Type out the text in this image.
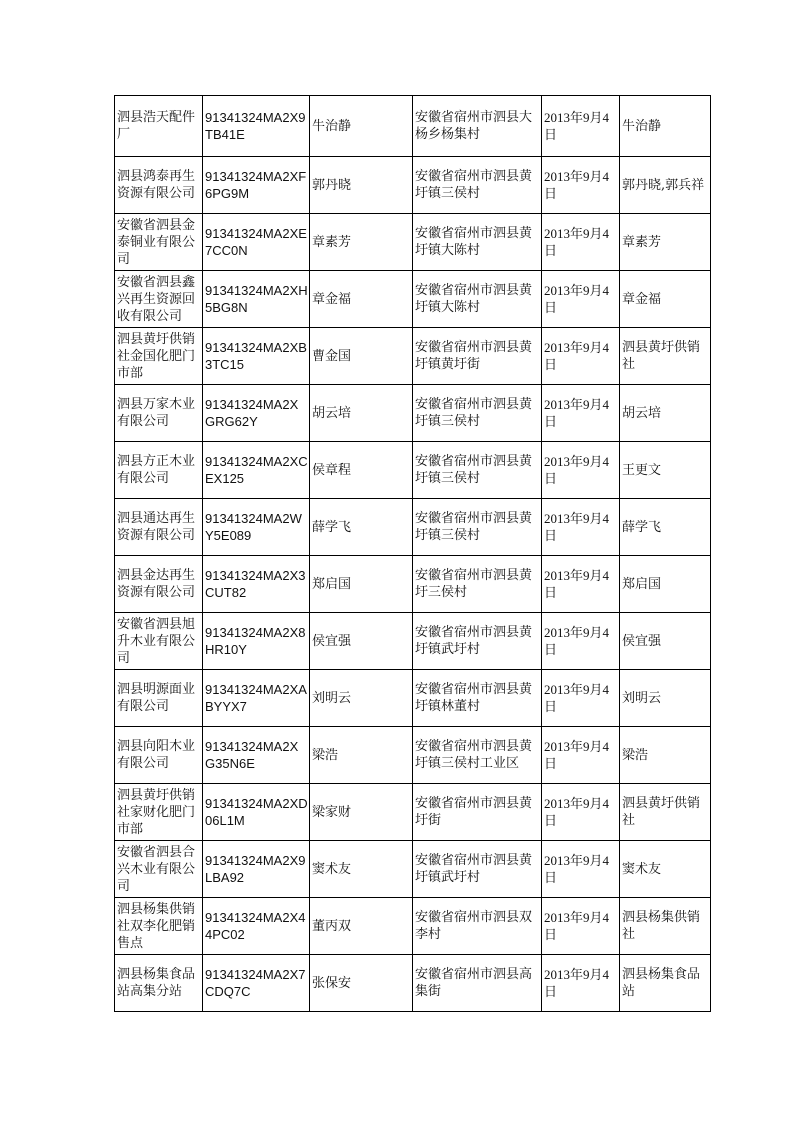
泗县浩天配件厂	91341324MA2X9TB41E	牛治静	安徽省宿州市泗县大杨乡杨集村	2013年9月4日	牛治静
泗县鸿泰再生资源有限公司	91341324MA2XF6PG9M	郭丹晓	安徽省宿州市泗县黄圩镇三侯村	2013年9月4日	郭丹晓,郭兵祥
安徽省泗县金泰铜业有限公司	91341324MA2XE7CC0N	章素芳	安徽省宿州市泗县黄圩镇大陈村	2013年9月4日	章素芳
安徽省泗县鑫兴再生资源回收有限公司	91341324MA2XH5BG8N	章金福	安徽省宿州市泗县黄圩镇大陈村	2013年9月4日	章金福
泗县黄圩供销社金国化肥门市部	91341324MA2XB3TC15	曹金国	安徽省宿州市泗县黄圩镇黄圩街	2013年9月4日	泗县黄圩供销社
泗县万家木业有限公司	91341324MA2XGRG62Y	胡云培	安徽省宿州市泗县黄圩镇三侯村	2013年9月4日	胡云培
泗县方正木业有限公司	91341324MA2XCEX125	侯章程	安徽省宿州市泗县黄圩镇三侯村	2013年9月4日	王更文
泗县通达再生资源有限公司	91341324MA2WY5E089	薛学飞	安徽省宿州市泗县黄圩镇三侯村	2013年9月4日	薛学飞
泗县金达再生资源有限公司	91341324MA2X3CUT82	郑启国	安徽省宿州市泗县黄圩三侯村	2013年9月4日	郑启国
安徽省泗县旭升木业有限公司	91341324MA2X8HR10Y	侯宜强	安徽省宿州市泗县黄圩镇武圩村	2013年9月4日	侯宜强
泗县明源面业有限公司	91341324MA2XABYYX7	刘明云	安徽省宿州市泗县黄圩镇林董村	2013年9月4日	刘明云
泗县向阳木业有限公司	91341324MA2XG35N6E	梁浩	安徽省宿州市泗县黄圩镇三侯村工业区	2013年9月4日	梁浩
泗县黄圩供销社家财化肥门市部	91341324MA2XD06L1M	梁家财	安徽省宿州市泗县黄圩街	2013年9月4日	泗县黄圩供销社
安徽省泗县合兴木业有限公司	91341324MA2X9LBA92	窦术友	安徽省宿州市泗县黄圩镇武圩村	2013年9月4日	窦术友
泗县杨集供销社双李化肥销售点	91341324MA2X44PC02	董丙双	安徽省宿州市泗县双李村	2013年9月4日	泗县杨集供销社
泗县杨集食品站高集分站	91341324MA2X7CDQ7C	张保安	安徽省宿州市泗县高集街	2013年9月4日	泗县杨集食品站
